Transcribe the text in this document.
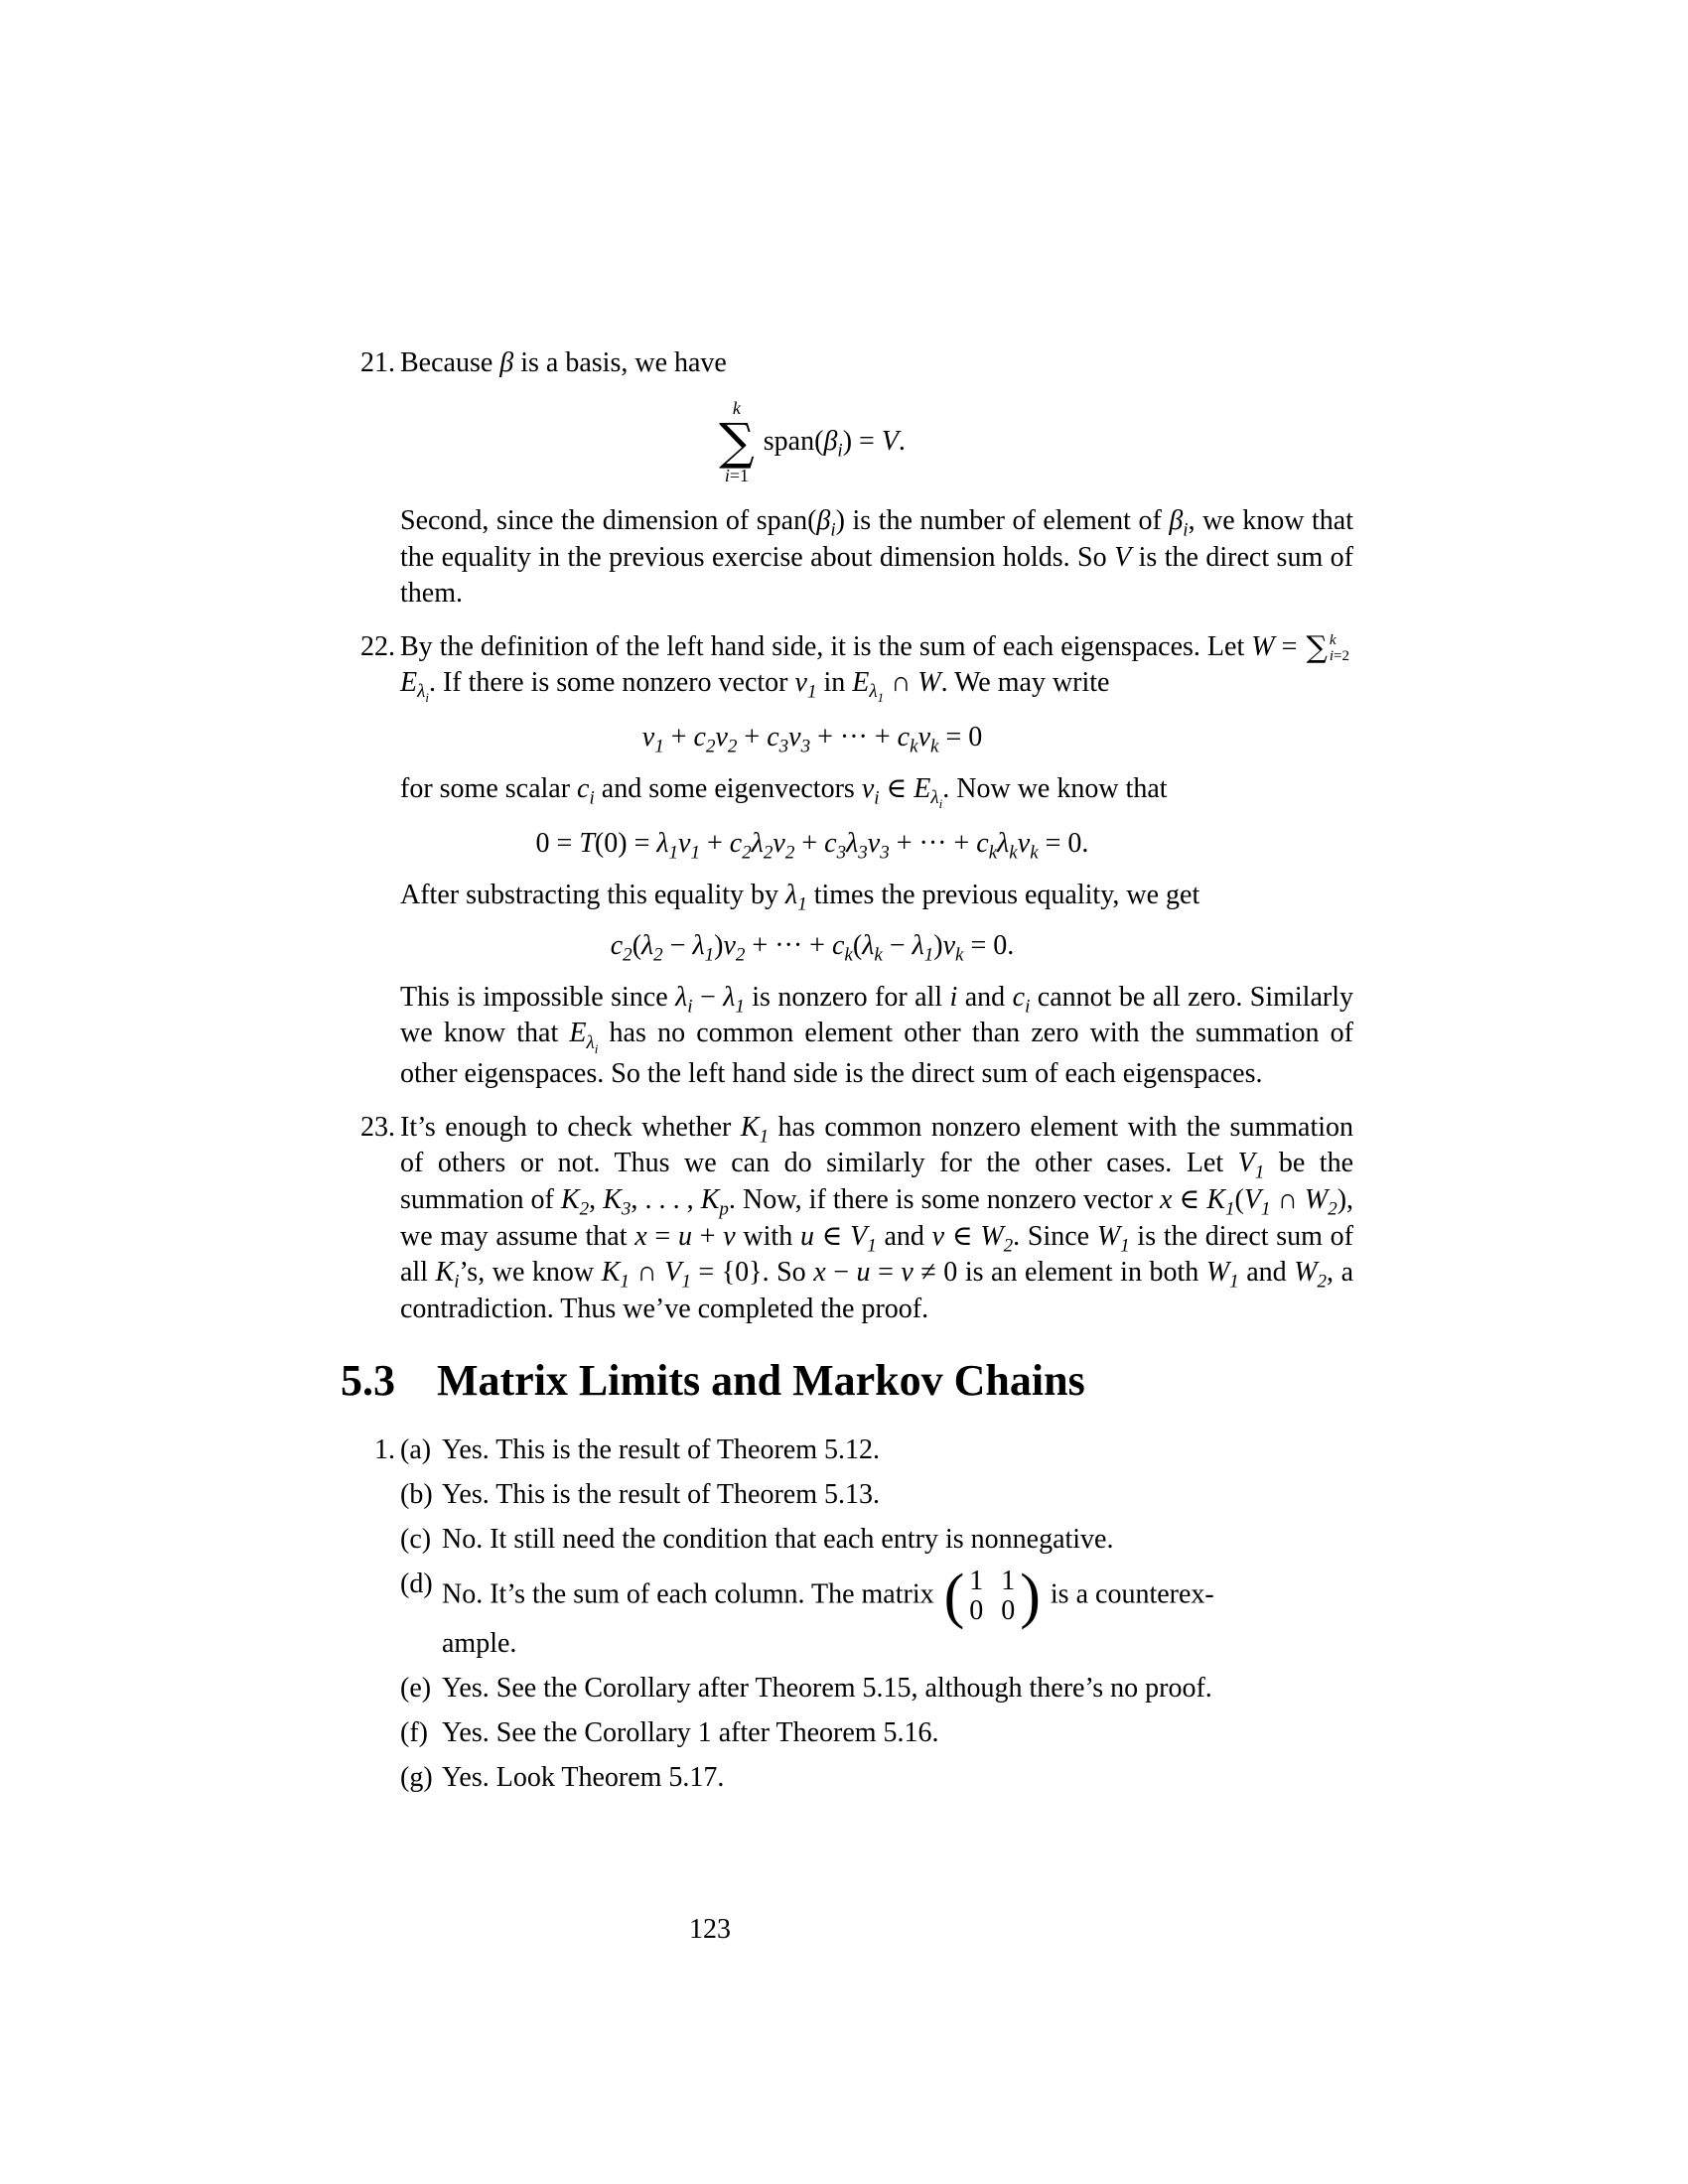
21. Because β is a basis, we have

k
∑
i=1
$span(\beta_i) = V$.

Second, since the dimension of $span(\beta_i)$ is the number of element of $\beta_i$, we know that the equality in the previous exercise about dimension holds. So V is the direct sum of them.

22. By the definition of the left hand side, it is the sum of each eigenspaces. Let W = ∑ k
i=2
$E_{\lambda_i}$. If there is some nonzero vector $v_1$ in $E_{\lambda_1}$ ∩ W. We may write

$v_1 + c_2v_2 + c_3v_3$ + ··· + $c_kv_k = 0$

for some scalar $c_i$ and some eigenvectors $v_i$ ∈ $E_{\lambda_i}$. Now we know that

$0 = T(0) = \lambda_1v_1 + c_2\lambda_2v_2 + c_3\lambda_3v_3$ + ··· + $c_k\lambda_kv_k = 0$.

After substracting this equality by $\lambda_1$ times the previous equality, we get

$c_2(\lambda_2 - \lambda_1)v_2$ + ··· + $c_k(\lambda_k - \lambda_1)v_k = 0$.

This is impossible since $\lambda_i - \lambda_1$ is nonzero for all i and $c_i$ cannot be all zero. Similarly we know that $E_{\lambda_i}$ has no common element other than zero with the summation of other eigenspaces. So the left hand side is the direct sum of each eigenspaces.

23. It’s enough to check whether $K_1$ has common nonzero element with the summation of others or not. Thus we can do similarly for the other cases. Let $V_1$ be the summation of $K_2$, $K_3$, . . . , $K_p$. Now, if there is some nonzero vector x ∈ $K_1(V_1$ ∩ $W_2$), we may assume that x = u + v with u ∈ $V_1$ and v ∈ $W_2$. Since $W_1$ is the direct sum of all $K_i’s$, we know $K_1$ ∩ $V_1 = \{0\}$. So x − u = v ≠ 0 is an element in both $W_1$ and $W_2$, a contradiction. Thus we’ve completed the proof.

5.3 Matrix Limits and Markov Chains
1. (a) Yes. This is the result of Theorem 5.12.
(b) Yes. This is the result of Theorem 5.13.
(c) No. It still need the condition that each entry is nonnegative.
(d) No. It’s the sum of each column. The matrix ( 1 1
0 0 ) is a counterex-
ample.
(e) Yes. See the Corollary after Theorem 5.15, although there’s no proof.
(f) Yes. See the Corollary 1 after Theorem 5.16.
(g) Yes. Look Theorem 5.17.
123
